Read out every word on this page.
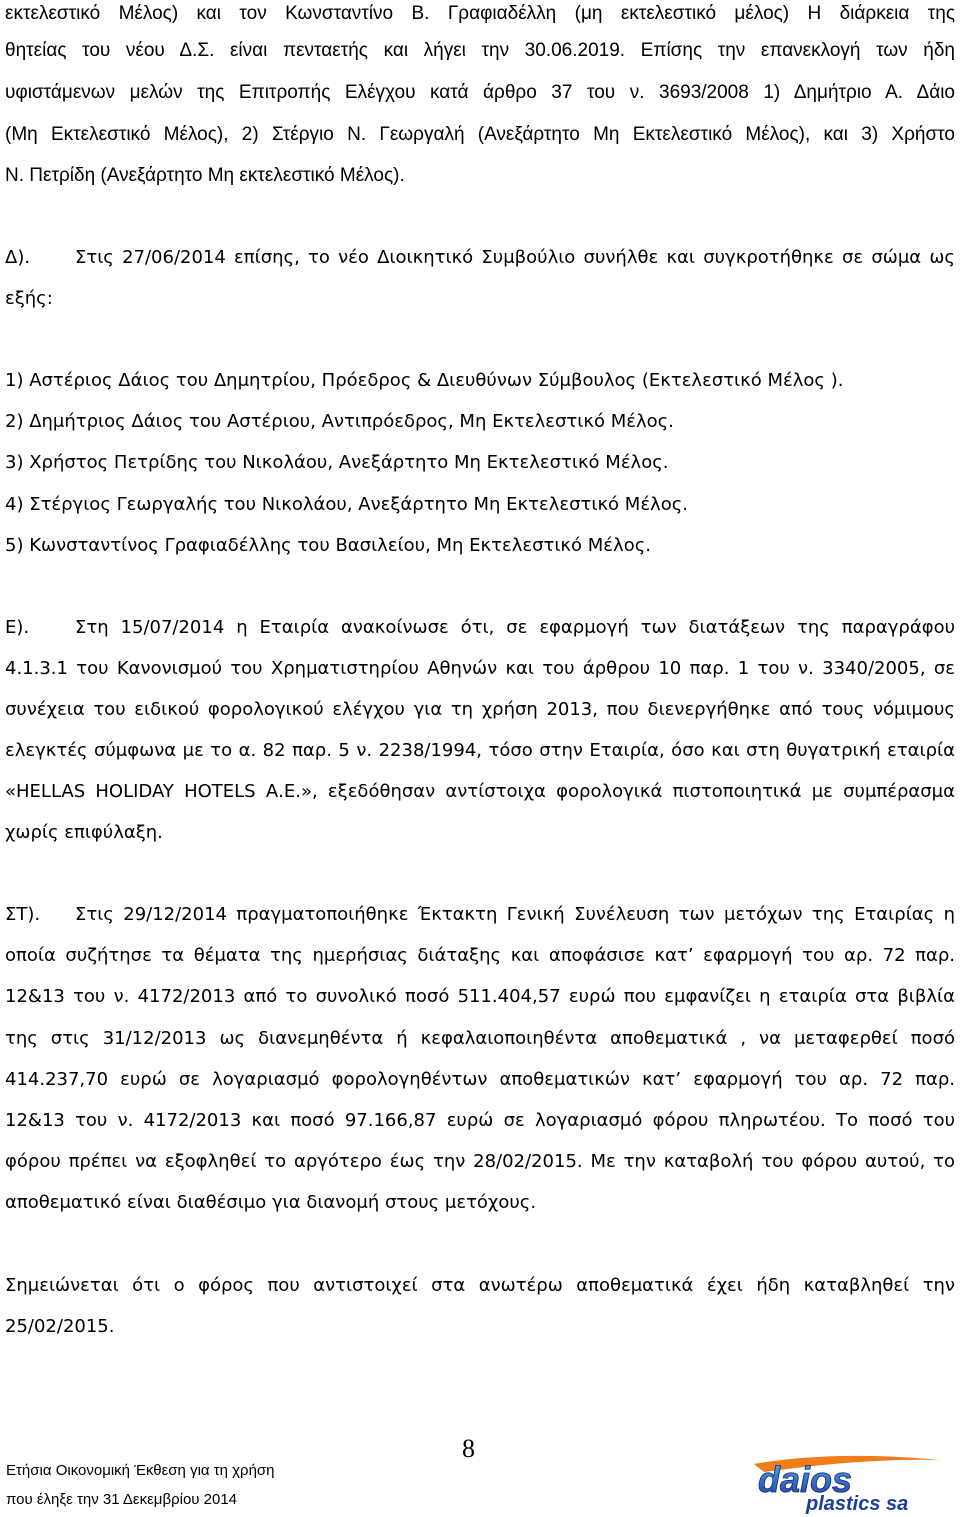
εκτελεστικό Μέλος) και τον Κωνσταντίνο Β. Γραφιαδέλλη (μη εκτελεστικό μέλος) Η διάρκεια της
θητείας του νέου Δ.Σ. είναι πενταετής και λήγει την 30.06.2019. Επίσης την επανεκλογή των ήδη
υφιστάμενων μελών της Επιτροπής Ελέγχου κατά άρθρο 37 του ν. 3693/2008 1) Δημήτριο Α. Δάιο
(Μη Εκτελεστικό Μέλος), 2) Στέργιο Ν. Γεωργαλή (Ανεξάρτητο Μη Εκτελεστικό Μέλος), και 3) Χρήστο
Ν. Πετρίδη (Ανεξάρτητο Μη εκτελεστικό Μέλος).
Δ). Στις 27/06/2014 επίσης, το νέο Διοικητικό Συμβούλιο συνήλθε και συγκροτήθηκε σε σώμα ως
εξής:
1) Αστέριος Δάιος του Δημητρίου, Πρόεδρος & Διευθύνων Σύμβουλος (Εκτελεστικό Μέλος ).
2) Δημήτριος Δάιος του Αστέριου, Αντιπρόεδρος, Μη Εκτελεστικό Μέλος.
3) Χρήστος Πετρίδης του Νικολάου, Ανεξάρτητο Μη Εκτελεστικό Μέλος.
4) Στέργιος Γεωργαλής του Νικολάου, Ανεξάρτητο Μη Εκτελεστικό Μέλος.
5) Κωνσταντίνος Γραφιαδέλλης του Βασιλείου, Μη Εκτελεστικό Μέλος.
Ε).	Στη 15/07/2014 η Εταιρία ανακοίνωσε ότι, σε εφαρμογή των διατάξεων της παραγράφου
4.1.3.1 του Κανονισμού του Χρηματιστηρίου Αθηνών και του άρθρου 10 παρ. 1 του ν. 3340/2005, σε
συνέχεια του ειδικού φορολογικού ελέγχου για τη χρήση 2013, που διενεργήθηκε από τους νόμιμους
ελεγκτές σύμφωνα με το α. 82 παρ. 5 ν. 2238/1994, τόσο στην Εταιρία, όσο και στη θυγατρική εταιρία
«HELLAS HOLIDAY HOTELS Α.Ε.», εξεδόθησαν αντίστοιχα φορολογικά πιστοποιητικά με συμπέρασμα
χωρίς επιφύλαξη.
ΣΤ). Στις 29/12/2014 πραγματοποιήθηκε Έκτακτη Γενική Συνέλευση των μετόχων της Εταιρίας η
οποία συζήτησε τα θέματα της ημερήσιας διάταξης και αποφάσισε κατ’ εφαρμογή του αρ. 72 παρ.
12&13 του ν. 4172/2013 από το συνολικό ποσό 511.404,57 ευρώ που εμφανίζει η εταιρία στα βιβλία
της στις 31/12/2013 ως διανεμηθέντα ή κεφαλαιοποιηθέντα αποθεματικά , να μεταφερθεί ποσό
414.237,70 ευρώ σε λογαριασμό φορολογηθέντων αποθεματικών κατ’ εφαρμογή του αρ. 72 παρ.
12&13 του ν. 4172/2013 και ποσό 97.166,87 ευρώ σε λογαριασμό φόρου πληρωτέου. Το ποσό του
φόρου πρέπει να εξοφληθεί το αργότερο έως την 28/02/2015. Με την καταβολή του φόρου αυτού, το
αποθεματικό είναι διαθέσιμο για διανομή στους μετόχους.
Σημειώνεται ότι ο φόρος που αντιστοιχεί στα ανωτέρω αποθεματικά έχει ήδη καταβληθεί την
25/02/2015.
Ετήσια Οικονομική Έκθεση για τη χρήση
που έληξε την 31 Δεκεμβρίου 2014
8
daios
plastics sa
